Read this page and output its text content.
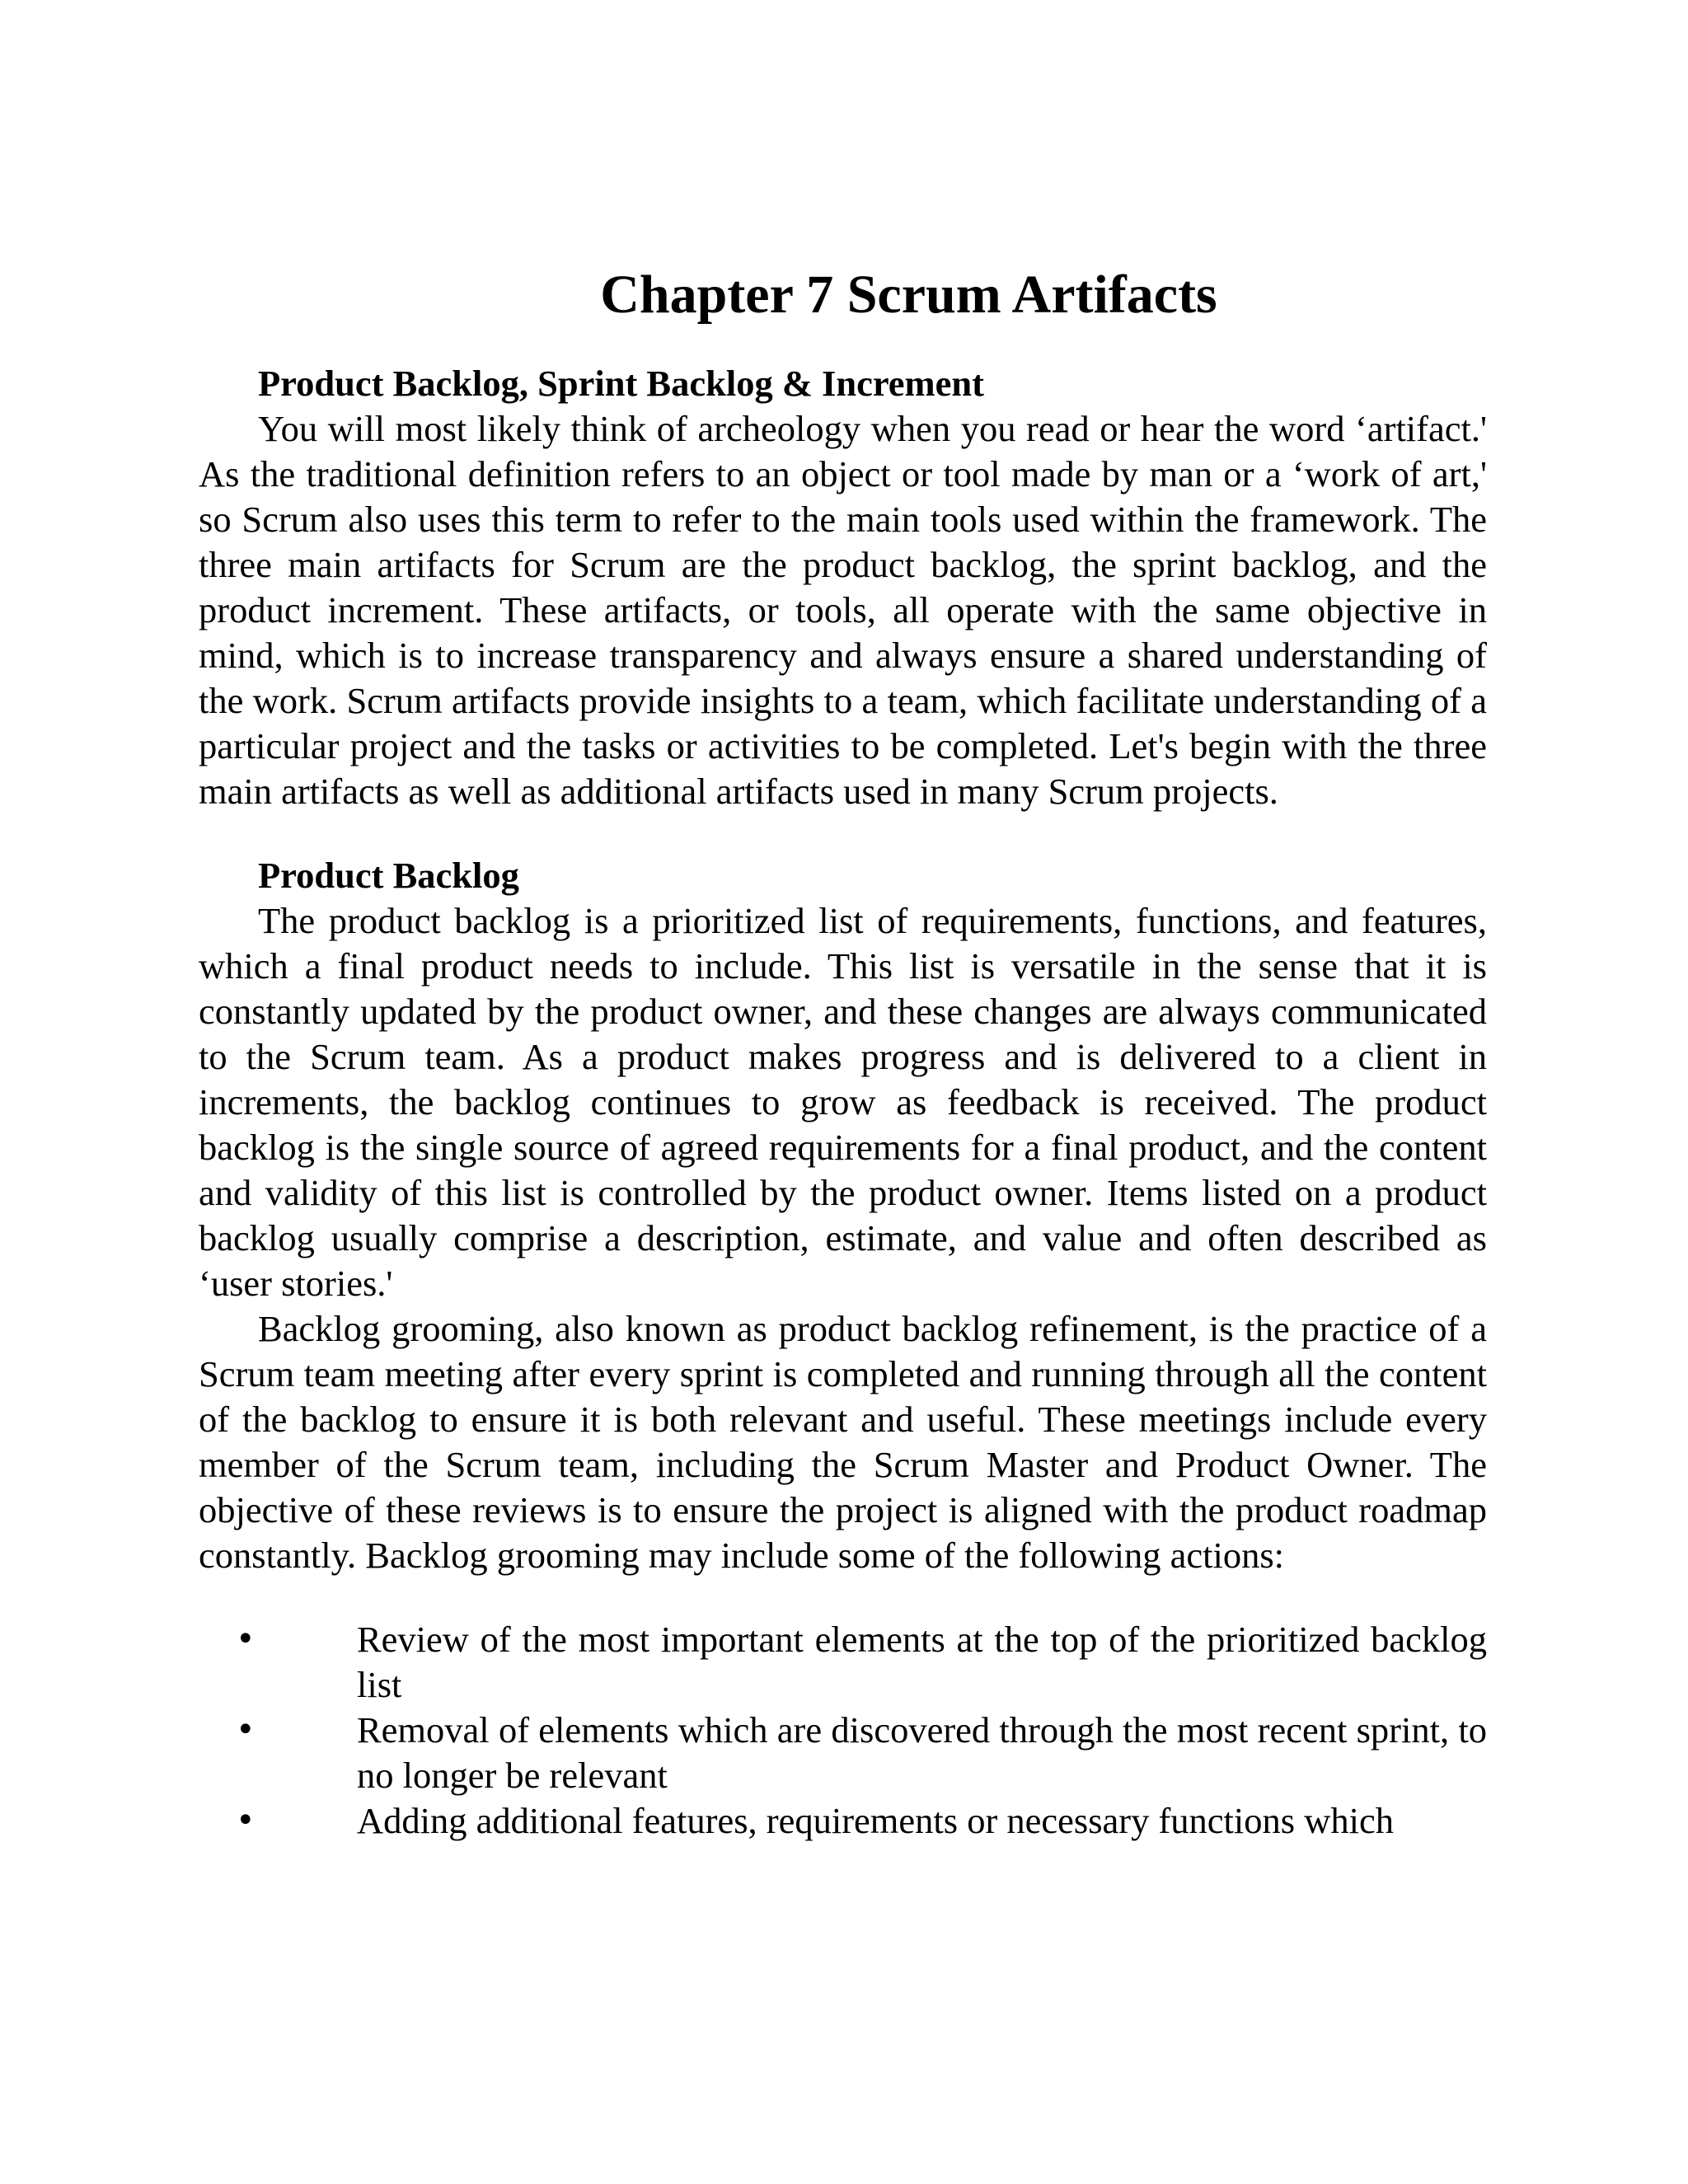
Chapter 7 Scrum Artifacts
Product Backlog, Sprint Backlog & Increment

You will most likely think of archeology when you read or hear the word ‘artifact.' As the traditional definition refers to an object or tool made by man or a ‘work of art,' so Scrum also uses this term to refer to the main tools used within the framework. The three main artifacts for Scrum are the product backlog, the sprint backlog, and the product increment. These artifacts, or tools, all operate with the same objective in mind, which is to increase transparency and always ensure a shared understanding of the work. Scrum artifacts provide insights to a team, which facilitate understanding of a particular project and the tasks or activities to be completed. Let's begin with the three main artifacts as well as additional artifacts used in many Scrum projects.

Product Backlog

The product backlog is a prioritized list of requirements, functions, and features, which a final product needs to include. This list is versatile in the sense that it is constantly updated by the product owner, and these changes are always communicated to the Scrum team. As a product makes progress and is delivered to a client in increments, the backlog continues to grow as feedback is received. The product backlog is the single source of agreed requirements for a final product, and the content and validity of this list is controlled by the product owner. Items listed on a product backlog usually comprise a description, estimate, and value and often described as ‘user stories.'

Backlog grooming, also known as product backlog refinement, is the practice of a Scrum team meeting after every sprint is completed and running through all the content of the backlog to ensure it is both relevant and useful. These meetings include every member of the Scrum team, including the Scrum Master and Product Owner. The objective of these reviews is to ensure the project is aligned with the product roadmap constantly. Backlog grooming may include some of the following actions:

•	Review of the most important elements at the top of the prioritized backlog list
•	Removal of elements which are discovered through the most recent sprint, to no longer be relevant
•	Adding additional features, requirements or necessary functions which
